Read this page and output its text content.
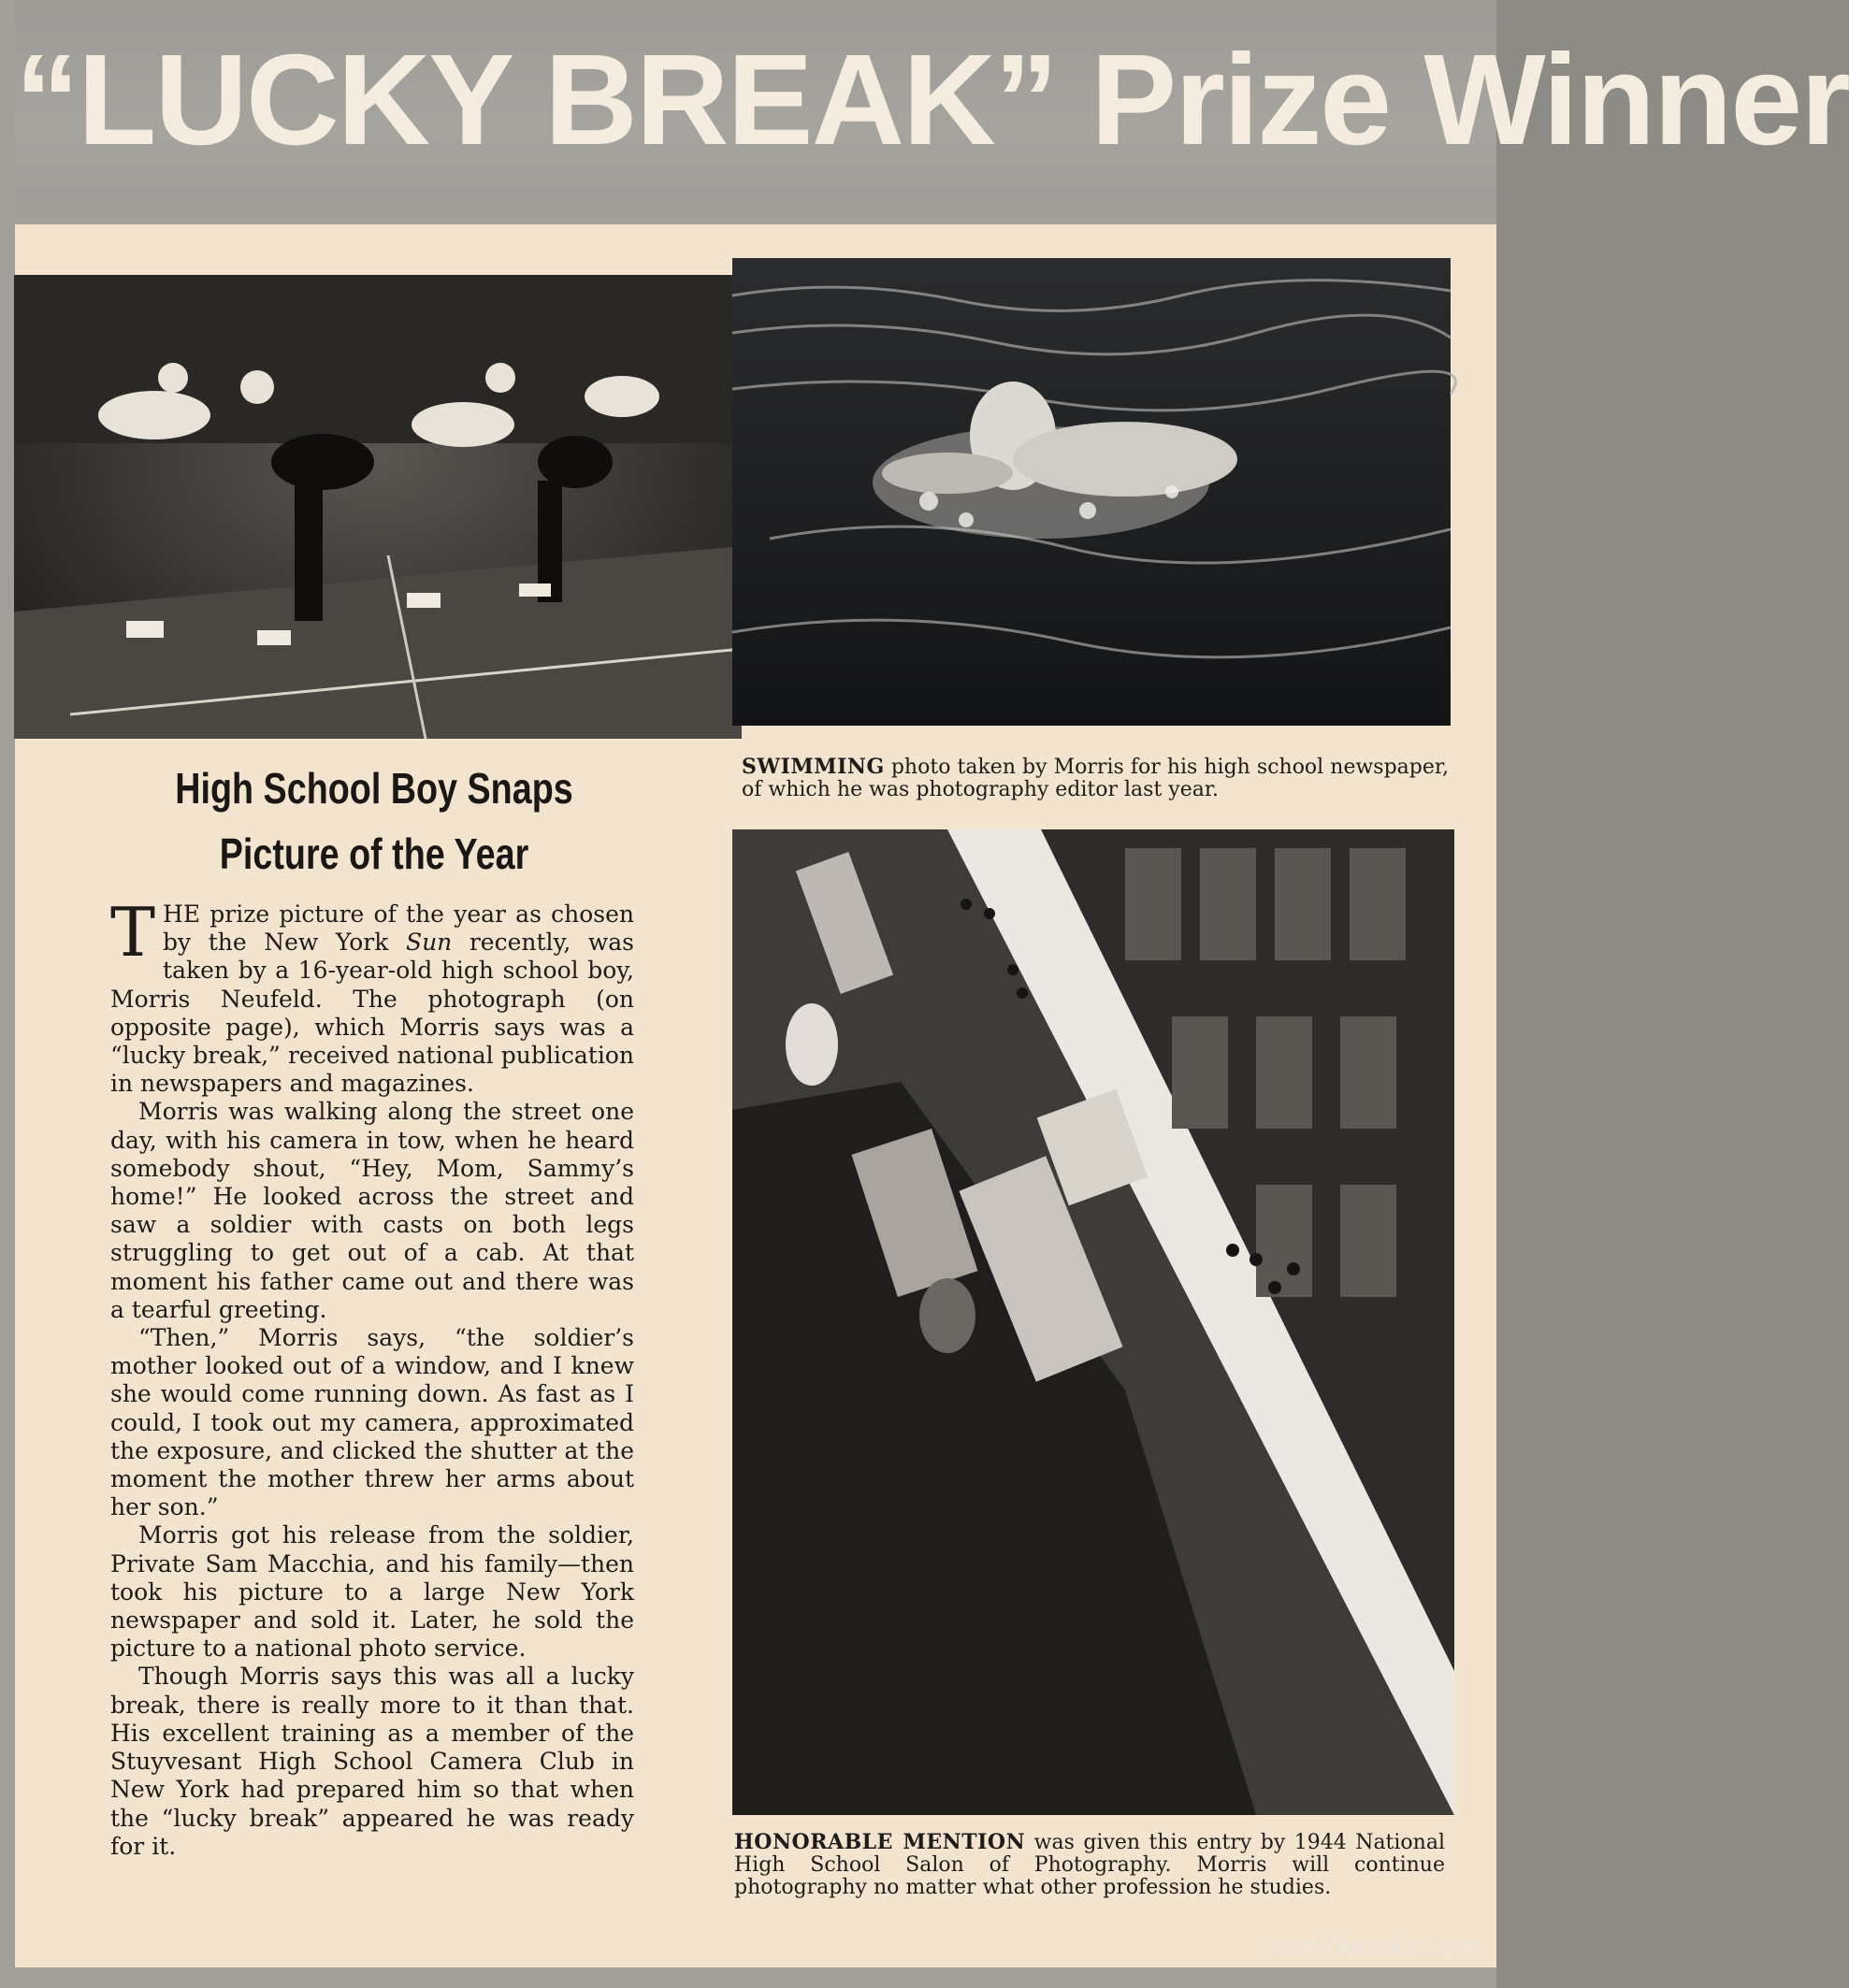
“LUCKY BREAK” Prize Winner
High School Boy Snaps
Picture of the Year

THE prize picture of the year as chosen by the New York Sun recently, was taken by a 16-year-old high school boy, Morris Neufeld. The photograph (on opposite page), which Morris says was a “lucky break,” received national publication in newspapers and magazines.

Morris was walking along the street one day, with his camera in tow, when he heard somebody shout, “Hey, Mom, Sammy’s home!” He looked across the street and saw a soldier with casts on both legs struggling to get out of a cab. At that moment his father came out and there was a tearful greeting.

“Then,” Morris says, “the soldier’s mother looked out of a window, and I knew she would come running down. As fast as I could, I took out my camera, approximated the exposure, and clicked the shutter at the moment the mother threw her arms about her son.”

Morris got his release from the soldier, Private Sam Macchia, and his family—then took his picture to a large New York newspaper and sold it. Later, he sold the picture to a national photo service.

Though Morris says this was all a lucky break, there is really more to it than that. His excellent training as a member of the Stuyvesant High School Camera Club in New York had prepared him so that when the “lucky break” appeared he was ready for it.

SWIMMING photo taken by Morris for his high school newspaper, of which he was photography editor last year.
HONORABLE MENTION was given this entry by 1944 National High School Salon of Photography. Morris will continue photography no matter what other profession he studies.
comicbooks.com
